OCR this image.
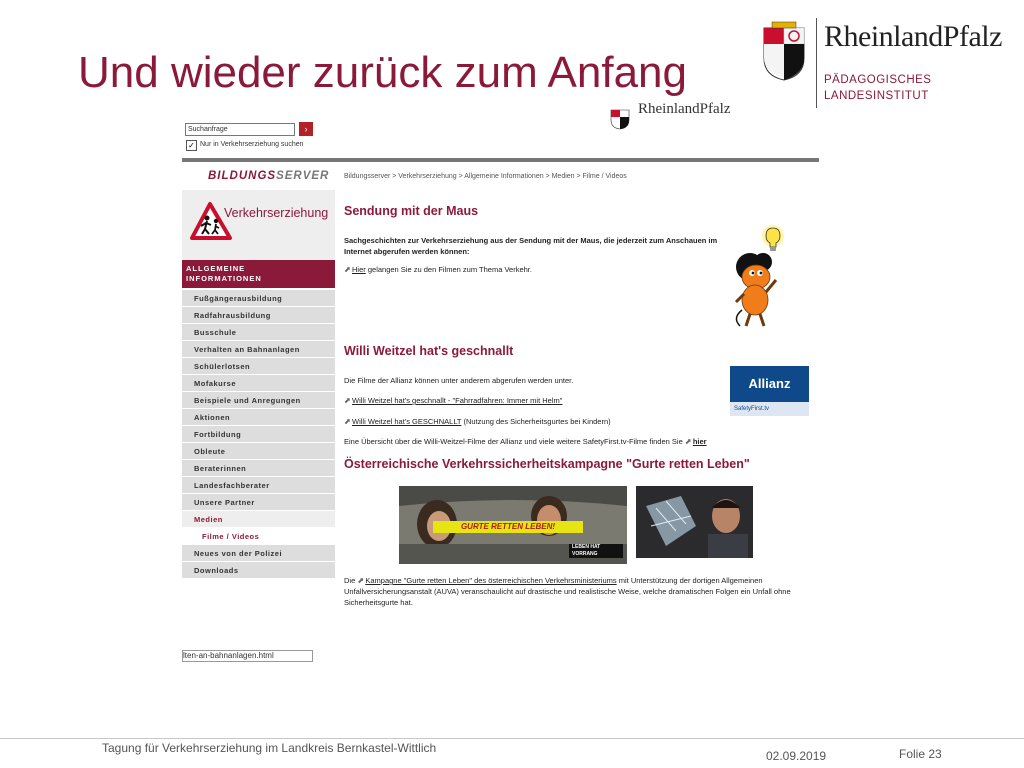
Und wieder zurück zum Anfang
RheinlandPfalz
PÄDAGOGISCHES
LANDESINSTITUT
Suchanfrage	›
✓ Nur in Verkehrserziehung suchen
RheinlandPfalz
BILDUNGSSERVER
Verkehrserziehung
ALLGEMEINE
INFORMATIONEN
Fußgängerausbildung
Radfahrausbildung
Busschule
Verhalten an Bahnanlagen
Schülerlotsen
Mofakurse
Beispiele und Anregungen
Aktionen
Fortbildung
Obleute
Beraterinnen
Landesfachberater
Unsere Partner
Medien
Filme / Videos
Neues von der Polizei
Downloads
lten-an-bahnanlagen.html
Bildungsserver > Verkehrserziehung > Allgemeine Informationen > Medien > Filme / Videos
Sendung mit der Maus
Sachgeschichten zur Verkehrserziehung aus der Sendung mit der Maus, die jederzeit zum Anschauen im Internet abgerufen werden können:
⬈Hier gelangen Sie zu den Filmen zum Thema Verkehr.
Willi Weitzel hat's geschnallt
Die Filme der Allianz können unter anderem abgerufen werden unter.
⬈Willi Weitzel hat's geschnallt - "Fahrradfahren: Immer mit Helm"
⬈Willi Weitzel hat's GESCHNALLT (Nutzung des Sicherheitsgurtes bei Kindern)
Eine Übersicht über die Willi-Weitzel-Filme der Allianz und viele weitere SafetyFirst.tv-Filme finden Sie ⬈hier
Allianz
SafetyFirst.tv
Österreichische Verkehrssicherheitskampagne "Gurte retten Leben"
GURTE RETTEN LEBEN!
LEBEN HAT VORRANG
Die ⬈Kampagne "Gurte retten Leben" des österreichischen Verkehrsministeriums mit Unterstützung der dortigen Allgemeinen Unfallversicherungsanstalt (AUVA) veranschaulicht auf drastische und realistische Weise, welche dramatischen Folgen ein Unfall ohne Sicherheitsgurte hat.
Tagung für Verkehrserziehung im Landkreis Bernkastel-Wittlich
02.09.2019	Folie 23
